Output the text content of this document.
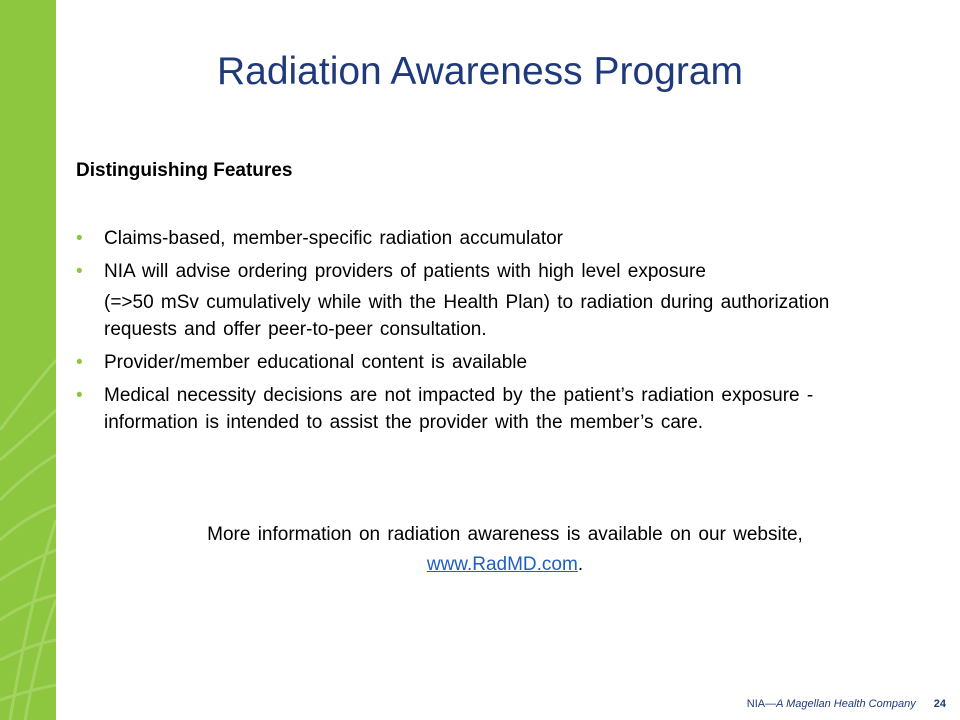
Radiation Awareness Program
Distinguishing Features
• Claims-based, member-specific radiation accumulator
• NIA will advise ordering providers of patients with high level exposure
(=>50 mSv cumulatively while with the Health Plan) to radiation during authorization requests and offer peer-to-peer consultation.
• Provider/member educational content is available
• Medical necessity decisions are not impacted by the patient’s radiation exposure - information is intended to assist the provider with the member’s care.
More information on radiation awareness is available on our website,
www.RadMD.com.
NIA—A Magellan Health Company 24
